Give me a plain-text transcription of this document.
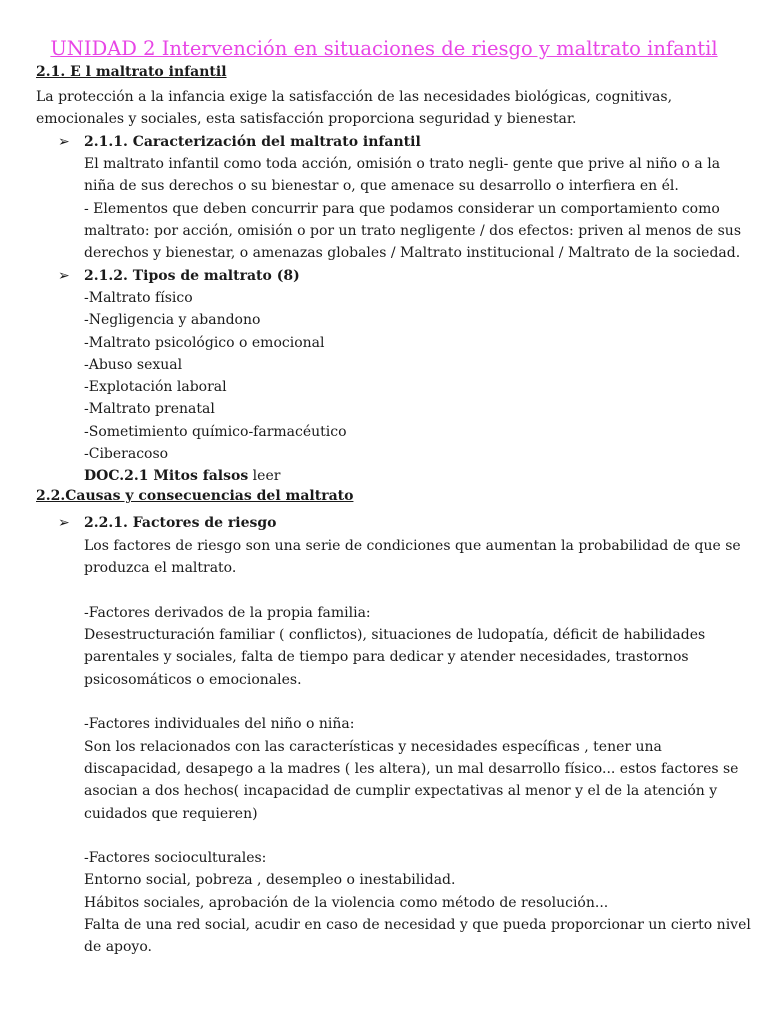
UNIDAD 2 Intervención en situaciones de riesgo y maltrato infantil
2.1. E l maltrato infantil
La protección a la infancia exige la satisfacción de las necesidades biológicas, cognitivas,
emocionales y sociales, esta satisfacción proporciona seguridad y bienestar.
➢ 2.1.1. Caracterización del maltrato infantil
El maltrato infantil como toda acción, omisión o trato negli- gente que prive al niño o a la
niña de sus derechos o su bienestar o, que amenace su desarrollo o interfiera en él.
- Elementos que deben concurrir para que podamos considerar un comportamiento como
maltrato: por acción, omisión o por un trato negligente / dos efectos: priven al menos de sus
derechos y bienestar, o amenazas globales / Maltrato institucional / Maltrato de la sociedad.
➢ 2.1.2. Tipos de maltrato (8)
-Maltrato físico
-Negligencia y abandono
-Maltrato psicológico o emocional
-Abuso sexual
-Explotación laboral
-Maltrato prenatal
-Sometimiento químico-farmacéutico
-Ciberacoso
DOC.2.1 Mitos falsos leer
2.2.Causas y consecuencias del maltrato
➢ 2.2.1. Factores de riesgo
Los factores de riesgo son una serie de condiciones que aumentan la probabilidad de que se
produzca el maltrato.
-Factores derivados de la propia familia:
Desestructuración familiar ( conflictos), situaciones de ludopatía, déficit de habilidades
parentales y sociales, falta de tiempo para dedicar y atender necesidades, trastornos
psicosomáticos o emocionales.
-Factores individuales del niño o niña:
Son los relacionados con las características y necesidades específicas , tener una
discapacidad, desapego a la madres ( les altera), un mal desarrollo físico... estos factores se
asocian a dos hechos( incapacidad de cumplir expectativas al menor y el de la atención y
cuidados que requieren)
-Factores socioculturales:
Entorno social, pobreza , desempleo o inestabilidad.
Hábitos sociales, aprobación de la violencia como método de resolución...
Falta de una red social, acudir en caso de necesidad y que pueda proporcionar un cierto nivel
de apoyo.
